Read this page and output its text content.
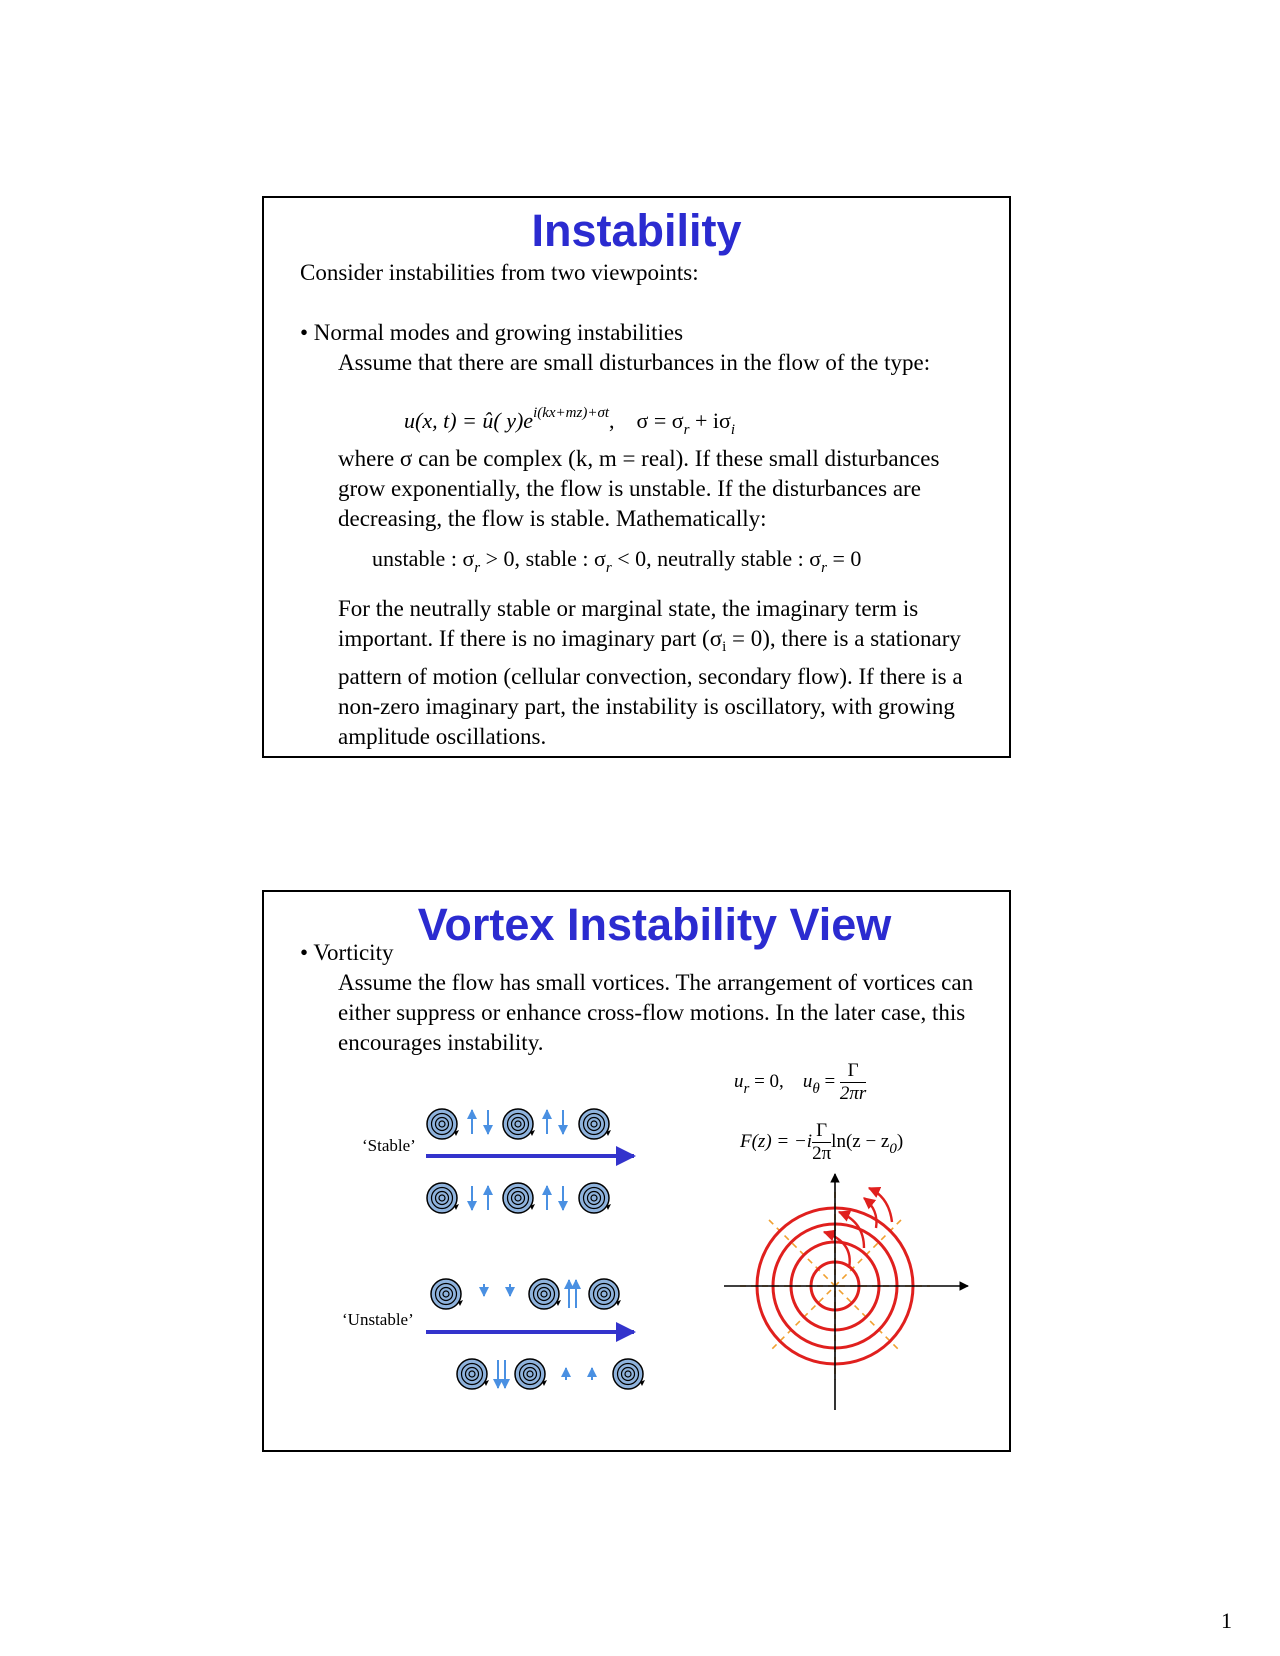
Instability

Consider instabilities from two viewpoints:

• Normal modes and growing instabilities

Assume that there are small disturbances in the flow of the type:

u(x, t) = û( $y)e^{i(kx+mz)+\sigma t}$, $\sigma = \sigma_r + i\sigma_i$

where σ can be complex (k, m = real). If these small disturbances grow exponentially, the flow is unstable. If the disturbances are decreasing, the flow is stable. Mathematically:

unstable : $\sigma_r > 0$, stable : $\sigma_r < 0$, neutrally stable : $\sigma_r = 0$

For the neutrally stable or marginal state, the imaginary term is important. If there is no imaginary part $(\sigma_i = 0)$, there is a stationary pattern of motion (cellular convection, secondary flow). If there is a non-zero imaginary part, the instability is oscillatory, with growing amplitude oscillations.

Vortex Instability View

• Vorticity

Assume the flow has small vortices. The arrangement of vortices can either suppress or enhance cross-flow motions. In the later case, this encourages instability.

$u_r = 0$, $u_\theta = \frac{\Gamma}{2\pi r}$
$F(z) = -i \frac{\Gamma}{2\pi} \ln(z - z_0)$
‘Stable’
‘Unstable’
1
